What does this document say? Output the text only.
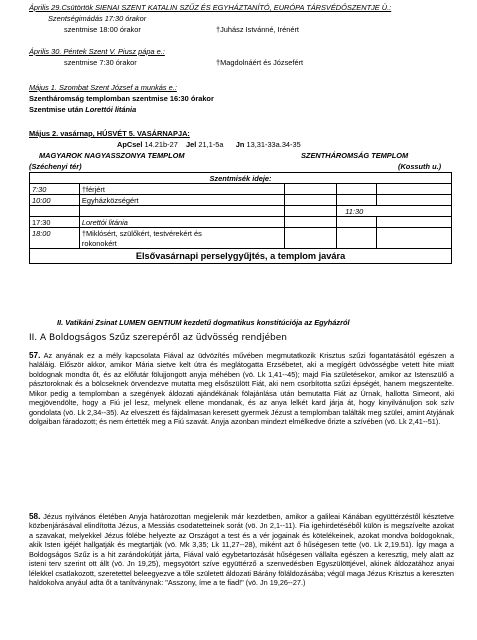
Április 29.Csütörtök SIENAI SZENT KATALIN SZŰZ ÉS EGYHÁZTANÍTÓ, EURÓPA TÁRSVÉDŐSZENTJE Ü.:
Szentségimádás 17:30 órakor
szentmise 18:00 órakor	†Juhász Istvánné, Irénért
Április 30. Péntek Szent V. Piusz pápa e.:
szentmise 7:30 órakor	†Magdolnáért és Józsefért
Május 1. Szombat Szent József a munkás e.:
Szentháromság templomban szentmise 16:30 órakor
Szentmise után Lorettói litánia
Május 2. vasárnap, HÚSVÉT 5. VASÁRNAPJA:
ApCsel 14.21b-27 Jel 21,1-5a Jn 13,31-33a.34-35
MAGYAROK NAGYASSZONYA TEMPLOM	SZENTHÁROMSÁG TEMPLOM
(Széchenyi tér)	(Kossuth u.)
Szentmisék ideje:				
7:30	†férjért			
10:00	Egyházközségért			
			11:30	
17:30	Lorettói litánia			
18:00	†Miklósért, szülőkért, testvérekért és			
	rokonokért			
Elsővasárnapi perselygyűjtés, a templom javára				
II. Vatikáni Zsinat LUMEN GENTIUM kezdetű dogmatikus konstitúciója az Egyházról
II. A Boldogságos Szűz szerepéről az üdvösség rendjében
57. Az anyának ez a mély kapcsolata Fiával az üdvözítés művében megmutatkozik Krisztus szűzi fogantatásától egészen a haláláig. Először akkor, amikor Mária sietve kelt útra és meglátogatta Erzsébetet, aki a megígért üdvösségbe vetett hite miatt boldognak mondta őt, és az előfutár fölujjongott anyja méhében (vö. Lk 1,41--45); majd Fia születésekor, amikor az Istenszülő a pásztoroknak és a bölcseknek örvendezve mutatta meg elsőszülött Fiát, aki nem csorbította szűzi épségét, hanem megszentelte. Mikor pedig a templomban a szegények áldozati ajándékának fölajánlása után bemutatta Fiát az Úrnak, hallotta Simeont, aki megjövendölte, hogy a Fiú jel lesz, melynek ellene mondanak, és az anya lelkét kard járja át, hogy kinyilvánuljon sok szív gondolata (vö. Lk 2,34--35). Az elveszett és fájdalmasan keresett gyermek Jézust a templomban találták meg szülei, amint Atyjának dolgaiban fáradozott; és nem értették meg a Fiú szavát. Anyja azonban mindezt elmélkedve őrizte a szívében (vö. Lk 2,41--51).
58. Jézus nyilvános életében Anyja határozottan megjelenik már kezdetben, amikor a galileai Kánában együttérzéstől késztetve közbenjárásával elindította Jézus, a Messiás csodatetteinek sorát (vö. Jn 2,1--11). Fia igehirdetéséből külön is megszívelte azokat a szavakat, melyekkel Jézus fölébe helyezte az Országot a test és a vér jogainak és kötelékeinek, azokat mondva boldogoknak, akik Isten igéjét hallgatják és megtartják (vö. Mk 3,35; Lk 11,27--28), miként azt ő hűségesen tette (vö. Lk 2,19.51). Így maga a Boldogságos Szűz is a hit zarándokútját járta, Fiával való egybetartozását hűségesen vállalta egészen a keresztig, mely alatt az isteni terv szerint ott állt (vö. Jn 19,25), megsyötört szíve együttérző a szenvedésben Egyszülöttjével, akinek áldozatához anyai lélekkel csatlakozott, szeretettel beleegyezve a tőle született áldozati Bárány föláldozásába; végül maga Jézus Krisztus a kereszten haldokolva anyául adta őt a tanítványnak: "Asszony, íme a te fiad!" (vö. Jn 19,26--27.)
